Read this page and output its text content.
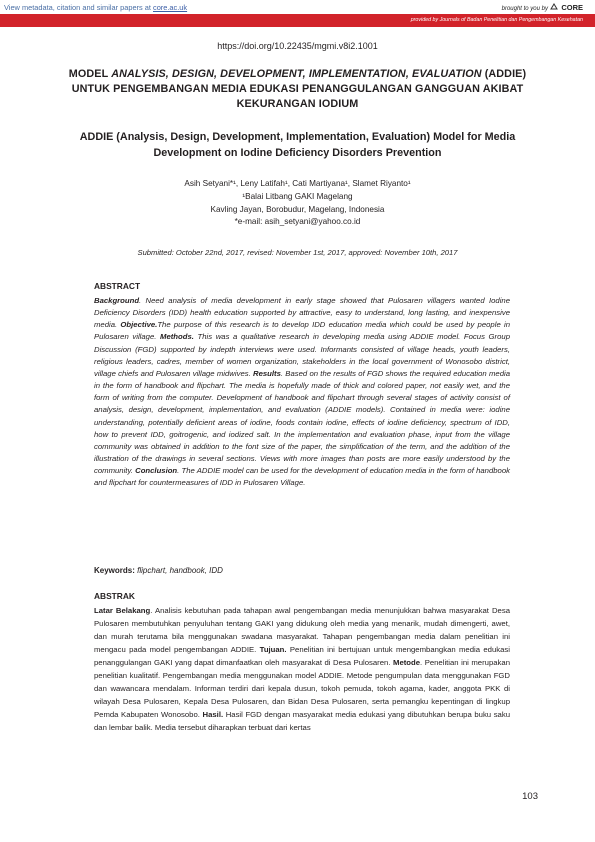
View metadata, citation and similar papers at core.ac.uk	brought to you by CORE
provided by Journals of Badan Penelitian dan Pengembangan Kesehatan
https://doi.org/10.22435/mgmi.v8i2.1001
MODEL ANALYSIS, DESIGN, DEVELOPMENT, IMPLEMENTATION, EVALUATION (ADDIE) UNTUK PENGEMBANGAN MEDIA EDUKASI PENANGGULANGAN GANGGUAN AKIBAT KEKURANGAN IODIUM
ADDIE (Analysis, Design, Development, Implementation, Evaluation) Model for Media Development on Iodine Deficiency Disorders Prevention
Asih Setyani*¹, Leny Latifah¹, Cati Martiyana¹, Slamet Riyanto¹
¹Balai Litbang GAKI Magelang
Kavling Jayan, Borobudur, Magelang, Indonesia
*e-mail: asih_setyani@yahoo.co.id
Submitted: October 22nd, 2017, revised: November 1st, 2017, approved: November 10th, 2017
ABSTRACT
Background. Need analysis of media development in early stage showed that Pulosaren villagers wanted Iodine Deficiency Disorders (IDD) health education supported by attractive, easy to understand, long lasting, and inexpensive media. Objective.The purpose of this research is to develop IDD education media which could be used by people in Pulosaren village. Methods. This was a qualitative research in developing media using ADDIE model. Focus Group Discussion (FGD) supported by indepth interviews were used. Informants consisted of village heads, youth leaders, religious leaders, cadres, member of women organization, stakeholders in the local government of Wonosobo district, village chiefs and Pulosaren village midwives. Results. Based on the results of FGD shows the required education media in the form of handbook and flipchart. The media is hopefully made of thick and colored paper, not easily wet, and the form of writing from the computer. Development of handbook and flipchart through several stages of activity consist of analysis, design, development, implementation, and evaluation (ADDIE models). Contained in media were: iodine understanding, potentially deficient areas of iodine, foods contain iodine, effects of iodine deficiency, spectrum of IDD, how to prevent IDD, goitrogenic, and iodized salt. In the implementation and evaluation phase, input from the village community was obtained in addition to the font size of the paper, the simplification of the term, and the addition of the illustration of the drawings in several sections. Views with more images than posts are more easily understood by the community. Conclusion. The ADDIE model can be used for the development of education media in the form of handbook and flipchart for countermeasures of IDD in Pulosaren Village.
Keywords: flipchart, handbook, IDD
ABSTRAK
Latar Belakang. Analisis kebutuhan pada tahapan awal pengembangan media menunjukkan bahwa masyarakat Desa Pulosaren membutuhkan penyuluhan tentang GAKI yang didukung oleh media yang menarik, mudah dimengerti, awet, dan murah terutama bila menggunakan swadana masyarakat. Tahapan pengembangan media dalam penelitian ini mengacu pada model pengembangan ADDIE. Tujuan. Penelitian ini bertujuan untuk mengembangkan media edukasi penanggulangan GAKI yang dapat dimanfaatkan oleh masyarakat di Desa Pulosaren. Metode. Penelitian ini merupakan penelitian kualitatif. Pengembangan media menggunakan model ADDIE. Metode pengumpulan data menggunakan FGD dan wawancara mendalam. Informan terdiri dari kepala dusun, tokoh pemuda, tokoh agama, kader, anggota PKK di wilayah Desa Pulosaren, Kepala Desa Pulosaren, dan Bidan Desa Pulosaren, serta pemangku kepentingan di lingkup Pemda Kabupaten Wonosobo. Hasil. Hasil FGD dengan masyarakat media edukasi yang dibutuhkan berupa buku saku dan lembar balik. Media tersebut diharapkan terbuat dari kertas
103
